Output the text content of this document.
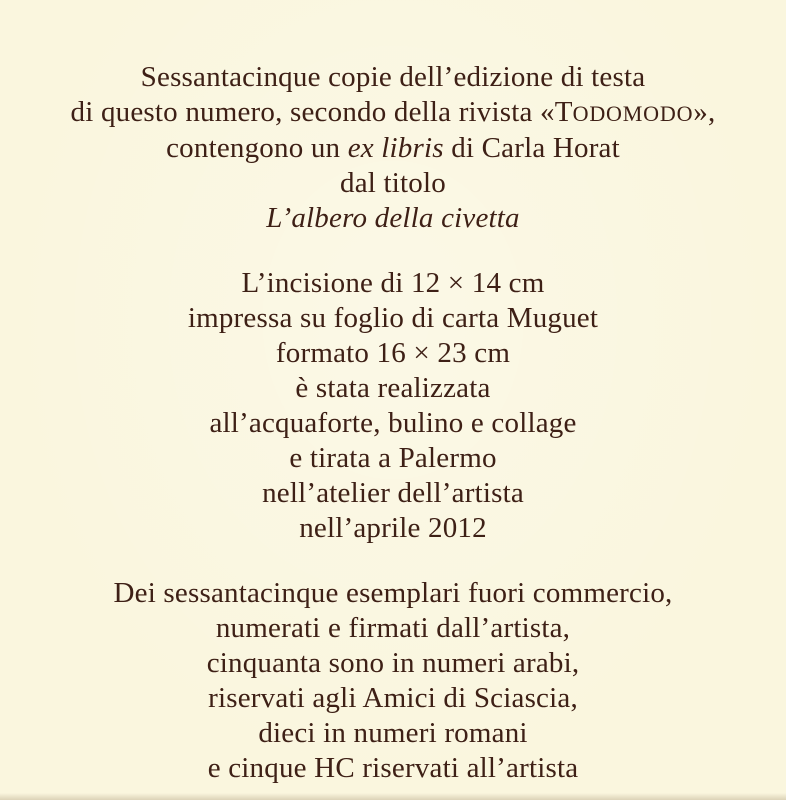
Sessantacinque copie dell’edizione di testa
di questo numero, secondo della rivista «TODOMODO»,
contengono un ex libris di Carla Horat
dal titolo
L’albero della civetta
L’incisione di 12 × 14 cm
impressa su foglio di carta Muguet
formato 16 × 23 cm
è stata realizzata
all’acquaforte, bulino e collage
e tirata a Palermo
nell’atelier dell’artista
nell’aprile 2012
Dei sessantacinque esemplari fuori commercio,
numerati e firmati dall’artista,
cinquanta sono in numeri arabi,
riservati agli Amici di Sciascia,
dieci in numeri romani
e cinque HC riservati all’artista
